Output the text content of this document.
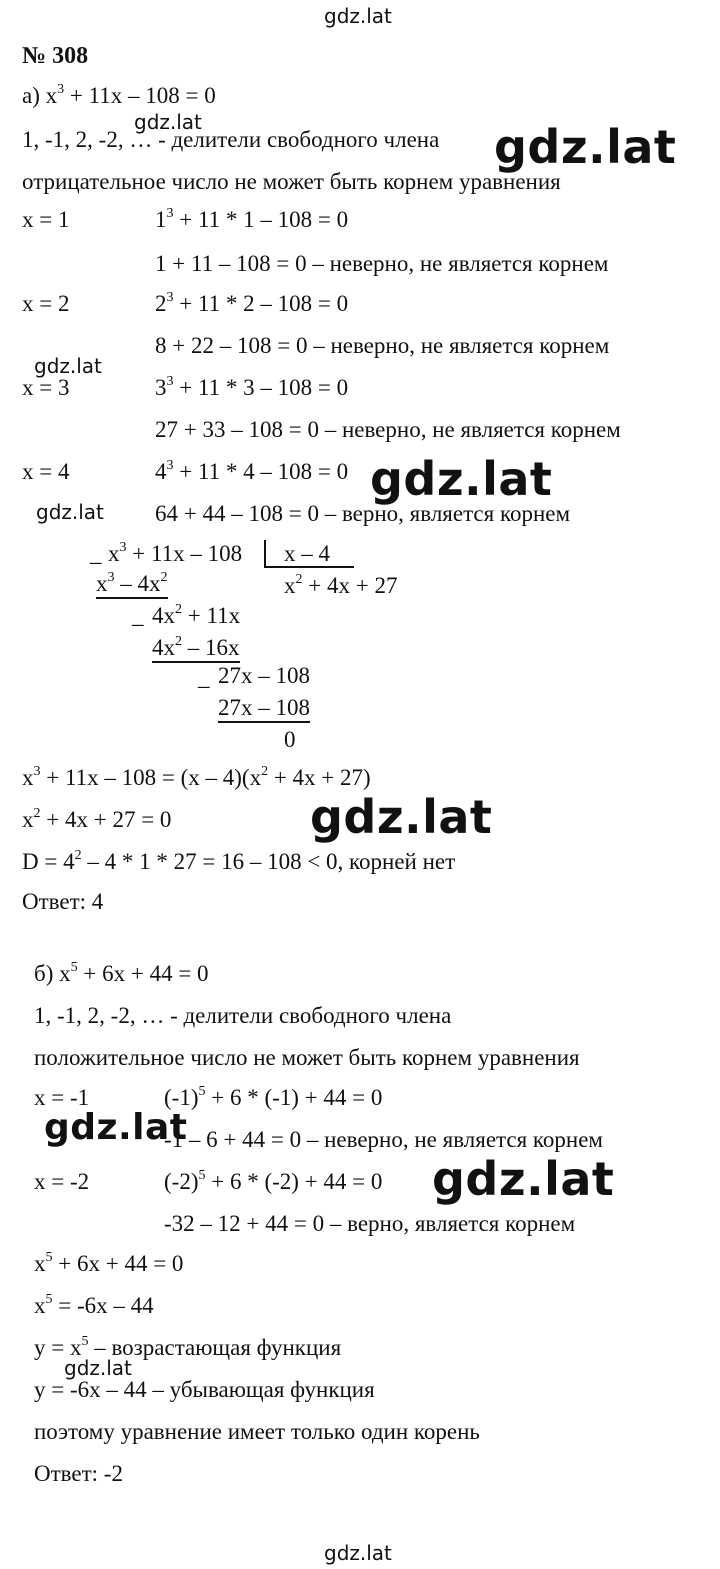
gdz.lat
gdz.lat
№ 308
а) $x^3 + 11x - 108 = 0$
1, -1, 2, -2, … - делители свободного члена
отрицательное число не может быть корнем уравнения
x = 1	$1^3 + 11 * 1 - 108 = 0$
1 + 11 – 108 = 0 – неверно, не является корнем
x = 2	$2^3 + 11 * 2 - 108 = 0$
8 + 22 – 108 = 0 – неверно, не является корнем
x = 3	$3^3 + 11 * 3 - 108 = 0$
27 + 33 – 108 = 0 – неверно, не является корнем
x = 4	$4^3 + 11 * 4 - 108 = 0$
64 + 44 – 108 = 0 – верно, является корнем
_ $x^3 + 11x - 108$ x – 4
$x^2 + 4x + 27$
$x^3 - 4x^2$
_ $4x^2 + 11x$
$4x^2 - 16x$
_ 27x – 108
27x – 108
0
$x^3 + 11x - 108 = (x - 4)(x^2 + 4x + 27)$
$x^2 + 4x + 27 = 0$
$D = 4^2 - 4 * 1 * 27 = 16 - 108 < 0$, корней нет
Ответ: 4
б) $x^5 + 6x + 44 = 0$
1, -1, 2, -2, … - делители свободного члена
положительное число не может быть корнем уравнения
x = -1	$(-1)^5 + 6 * (-1) + 44 = 0$
-1 – 6 + 44 = 0 – неверно, не является корнем
x = -2	$(-2)^5 + 6 * (-2) + 44 = 0$
-32 – 12 + 44 = 0 – верно, является корнем
$x^5 + 6x + 44 = 0$
$x^5 = -6x - 44$
$y = x^5$ – возрастающая функция
y = -6x – 44 – убывающая функция
поэтому уравнение имеет только один корень
Ответ: -2
gdz.lat	gdz.lat
gdz.lat
gdz.lat
gdz.lat
gdz.lat
gdz.lat
gdz.lat
gdz.lat
